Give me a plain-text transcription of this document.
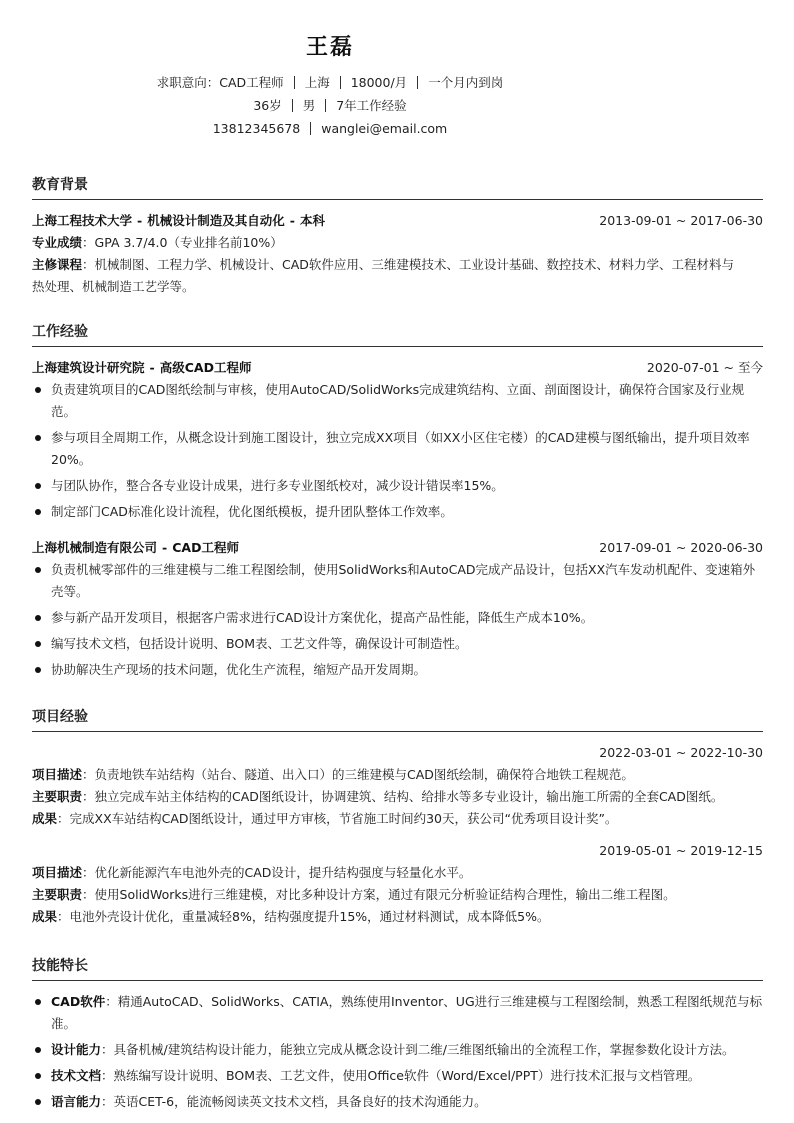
王磊
求职意向：CAD工程师 上海 18000/月 一个月内到岗
36岁 男 7年工作经验
13812345678 wanglei@email.com
教育背景
上海工程技术大学 - 机械设计制造及其自动化 - 本科	2013-09-01 ~ 2017-06-30
专业成绩：GPA 3.7/4.0（专业排名前10%）
主修课程：机械制图、工程力学、机械设计、CAD软件应用、三维建模技术、工业设计基础、数控技术、材料力学、工程材料与
热处理、机械制造工艺学等。
工作经验
上海建筑设计研究院 - 高级CAD工程师	2020-07-01 ~ 至今
负责建筑项目的CAD图纸绘制与审核，使用AutoCAD/SolidWorks完成建筑结构、立面、剖面图设计，确保符合国家及行业规范。
参与项目全周期工作，从概念设计到施工图设计，独立完成XX项目（如XX小区住宅楼）的CAD建模与图纸输出，提升项目效率20%。
与团队协作，整合各专业设计成果，进行多专业图纸校对，减少设计错误率15%。
制定部门CAD标准化设计流程，优化图纸模板，提升团队整体工作效率。
上海机械制造有限公司 - CAD工程师	2017-09-01 ~ 2020-06-30
负责机械零部件的三维建模与二维工程图绘制，使用SolidWorks和AutoCAD完成产品设计，包括XX汽车发动机配件、变速箱外壳等。
参与新产品开发项目，根据客户需求进行CAD设计方案优化，提高产品性能，降低生产成本10%。
编写技术文档，包括设计说明、BOM表、工艺文件等，确保设计可制造性。
协助解决生产现场的技术问题，优化生产流程，缩短产品开发周期。
项目经验
2022-03-01 ~ 2022-10-30
项目描述：负责地铁车站结构（站台、隧道、出入口）的三维建模与CAD图纸绘制，确保符合地铁工程规范。
主要职责：独立完成车站主体结构的CAD图纸设计，协调建筑、结构、给排水等多专业设计，输出施工所需的全套CAD图纸。
成果：完成XX车站结构CAD图纸设计，通过甲方审核，节省施工时间约30天，获公司“优秀项目设计奖”。
2019-05-01 ~ 2019-12-15
项目描述：优化新能源汽车电池外壳的CAD设计，提升结构强度与轻量化水平。
主要职责：使用SolidWorks进行三维建模，对比多种设计方案，通过有限元分析验证结构合理性，输出二维工程图。
成果：电池外壳设计优化，重量减轻8%，结构强度提升15%，通过材料测试，成本降低5%。
技能特长
CAD软件：精通AutoCAD、SolidWorks、CATIA，熟练使用Inventor、UG进行三维建模与工程图绘制，熟悉工程图纸规范与标准。
设计能力：具备机械/建筑结构设计能力，能独立完成从概念设计到二维/三维图纸输出的全流程工作，掌握参数化设计方法。
技术文档：熟练编写设计说明、BOM表、工艺文件，使用Office软件（Word/Excel/PPT）进行技术汇报与文档管理。
语言能力：英语CET-6，能流畅阅读英文技术文档，具备良好的技术沟通能力。
